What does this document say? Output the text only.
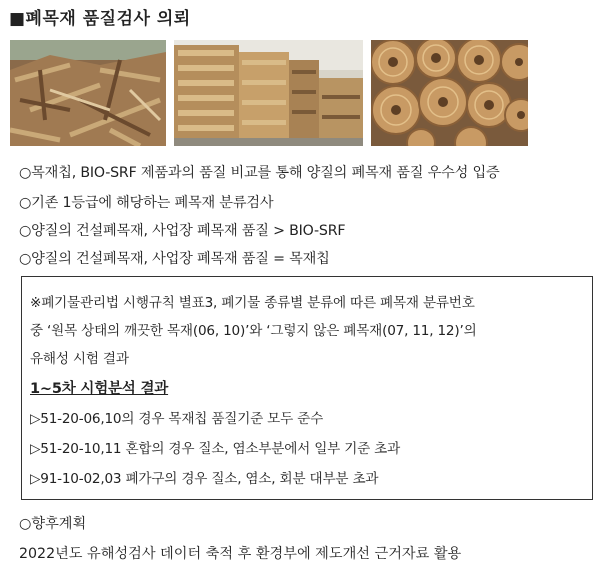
■폐목재 품질검사 의뢰
○목재칩, BIO-SRF 제품과의 품질 비교를 통해 양질의 폐목재 품질 우수성 입증
○기존 1등급에 해당하는 폐목재 분류검사
○양질의 건설폐목재, 사업장 폐목재 품질 > BIO-SRF
○양질의 건설폐목재, 사업장 폐목재 품질 = 목재칩
※폐기물관리법 시행규칙 별표3, 폐기물 종류별 분류에 따른 폐목재 분류번호
중 ‘원목 상태의 깨끗한 목재(06, 10)’와 ‘그렇지 않은 폐목재(07, 11, 12)’의
유해성 시험 결과
1~5차 시험분석 결과
▷51-20-06,10의 경우 목재칩 품질기준 모두 준수
▷51-20-10,11 혼합의 경우 질소, 염소부분에서 일부 기준 초과
▷91-10-02,03 폐가구의 경우 질소, 염소, 회분 대부분 초과
○향후계획
2022년도 유해성검사 데이터 축적 후 환경부에 제도개선 근거자료 활용
